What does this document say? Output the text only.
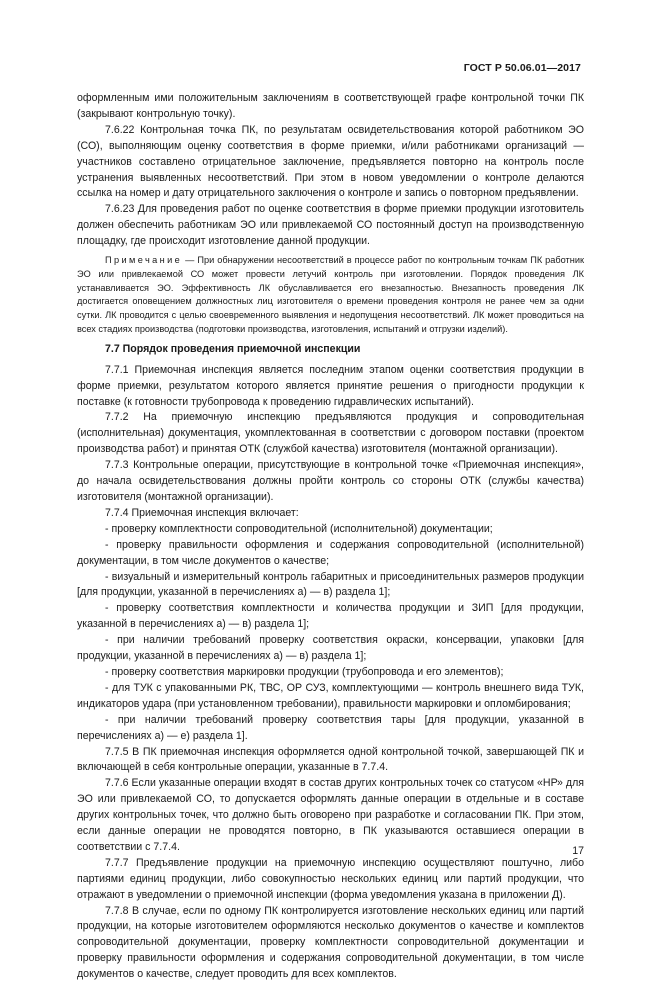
ГОСТ Р 50.06.01—2017

оформленным ими положительным заключениям в соответствующей графе контрольной точки ПК (закрывают контрольную точку).

7.6.22 Контрольная точка ПК, по результатам освидетельствования которой работником ЭО (СО), выполняющим оценку соответствия в форме приемки, и/или работниками организаций — участников составлено отрицательное заключение, предъявляется повторно на контроль после устранения выявленных несоответствий. При этом в новом уведомлении о контроле делаются ссылка на номер и дату отрицательного заключения о контроле и запись о повторном предъявлении.

7.6.23 Для проведения работ по оценке соответствия в форме приемки продукции изготовитель должен обеспечить работникам ЭО или привлекаемой СО постоянный доступ на производственную площадку, где происходит изготовление данной продукции.

Примечание — При обнаружении несоответствий в процессе работ по контрольным точкам ПК работник ЭО или привлекаемой СО может провести летучий контроль при изготовлении. Порядок проведения ЛК устанавливается ЭО. Эффективность ЛК обуславливается его внезапностью. Внезапность проведения ЛК достигается оповещением должностных лиц изготовителя о времени проведения контроля не ранее чем за одни сутки. ЛК проводится с целью своевременного выявления и недопущения несоответствий. ЛК может проводиться на всех стадиях производства (подготовки производства, изготовления, испытаний и отгрузки изделий).

7.7 Порядок проведения приемочной инспекции

7.7.1 Приемочная инспекция является последним этапом оценки соответствия продукции в форме приемки, результатом которого является принятие решения о пригодности продукции к поставке (к готовности трубопровода к проведению гидравлических испытаний).

7.7.2 На приемочную инспекцию предъявляются продукция и сопроводительная (исполнительная) документация, укомплектованная в соответствии с договором поставки (проектом производства работ) и принятая ОТК (службой качества) изготовителя (монтажной организации).

7.7.3 Контрольные операции, присутствующие в контрольной точке «Приемочная инспекция», до начала освидетельствования должны пройти контроль со стороны ОТК (службы качества) изготовителя (монтажной организации).

7.7.4 Приемочная инспекция включает:

- проверку комплектности сопроводительной (исполнительной) документации;

- проверку правильности оформления и содержания сопроводительной (исполнительной) документации, в том числе документов о качестве;

- визуальный и измерительный контроль габаритных и присоединительных размеров продукции [для продукции, указанной в перечислениях а) — в) раздела 1];

- проверку соответствия комплектности и количества продукции и ЗИП [для продукции, указанной в перечислениях а) — в) раздела 1];

- при наличии требований проверку соответствия окраски, консервации, упаковки [для продукции, указанной в перечислениях а) — в) раздела 1];

- проверку соответствия маркировки продукции (трубопровода и его элементов);

- для ТУК с упакованными РК, ТВС, ОР СУЗ, комплектующими — контроль внешнего вида ТУК, индикаторов удара (при установленном требовании), правильности маркировки и опломбирования;

- при наличии требований проверку соответствия тары [для продукции, указанной в перечислениях а) — е) раздела 1].

7.7.5 В ПК приемочная инспекция оформляется одной контрольной точкой, завершающей ПК и включающей в себя контрольные операции, указанные в 7.7.4.

7.7.6 Если указанные операции входят в состав других контрольных точек со статусом «НР» для ЭО или привлекаемой СО, то допускается оформлять данные операции в отдельные и в составе других контрольных точек, что должно быть оговорено при разработке и согласовании ПК. При этом, если данные операции не проводятся повторно, в ПК указываются оставшиеся операции в соответствии с 7.7.4.

7.7.7 Предъявление продукции на приемочную инспекцию осуществляют поштучно, либо партиями единиц продукции, либо совокупностью нескольких единиц или партий продукции, что отражают в уведомлении о приемочной инспекции (форма уведомления указана в приложении Д).

7.7.8 В случае, если по одному ПК контролируется изготовление нескольких единиц или партий продукции, на которые изготовителем оформляются несколько документов о качестве и комплектов сопроводительной документации, проверку комплектности сопроводительной документации и проверку правильности оформления и содержания сопроводительной документации, в том числе документов о качестве, следует проводить для всех комплектов.

17
